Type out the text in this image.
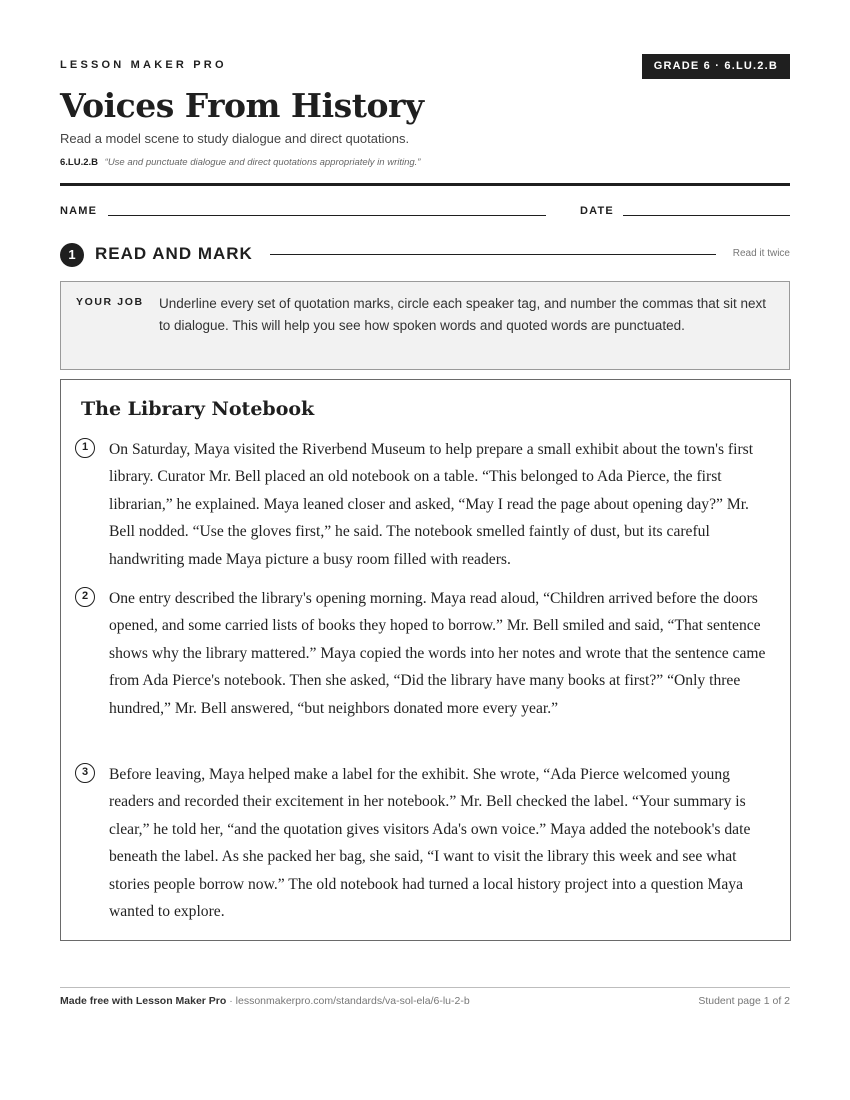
LESSON MAKER PRO	GRADE 6 · 6.LU.2.B
Voices From History
Read a model scene to study dialogue and direct quotations.
6.LU.2.B “Use and punctuate dialogue and direct quotations appropriately in writing.”
NAME	DATE
1	READ AND MARK	Read it twice
YOUR JOB Underline every set of quotation marks, circle each speaker tag, and number the commas that sit next to dialogue. This will help you see how spoken words and quoted words are punctuated.
The Library Notebook
1	On Saturday, Maya visited the Riverbend Museum to help prepare a small exhibit about the town's first library. Curator Mr. Bell placed an old notebook on a table. “This belonged to Ada Pierce, the first librarian,” he explained. Maya leaned closer and asked, “May I read the page about opening day?” Mr. Bell nodded. “Use the gloves first,” he said. The notebook smelled faintly of dust, but its careful handwriting made Maya picture a busy room filled with readers.
2	One entry described the library's opening morning. Maya read aloud, “Children arrived before the doors opened, and some carried lists of books they hoped to borrow.” Mr. Bell smiled and said, “That sentence shows why the library mattered.” Maya copied the words into her notes and wrote that the sentence came from Ada Pierce's notebook. Then she asked, “Did the library have many books at first?” “Only three hundred,” Mr. Bell answered, “but neighbors donated more every year.”
3	Before leaving, Maya helped make a label for the exhibit. She wrote, “Ada Pierce welcomed young readers and recorded their excitement in her notebook.” Mr. Bell checked the label. “Your summary is clear,” he told her, “and the quotation gives visitors Ada's own voice.” Maya added the notebook's date beneath the label. As she packed her bag, she said, “I want to visit the library this week and see what stories people borrow now.” The old notebook had turned a local history project into a question Maya wanted to explore.
Made free with Lesson Maker Pro · lessonmakerpro.com/standards/va-sol-ela/6-lu-2-b	Student page 1 of 2
